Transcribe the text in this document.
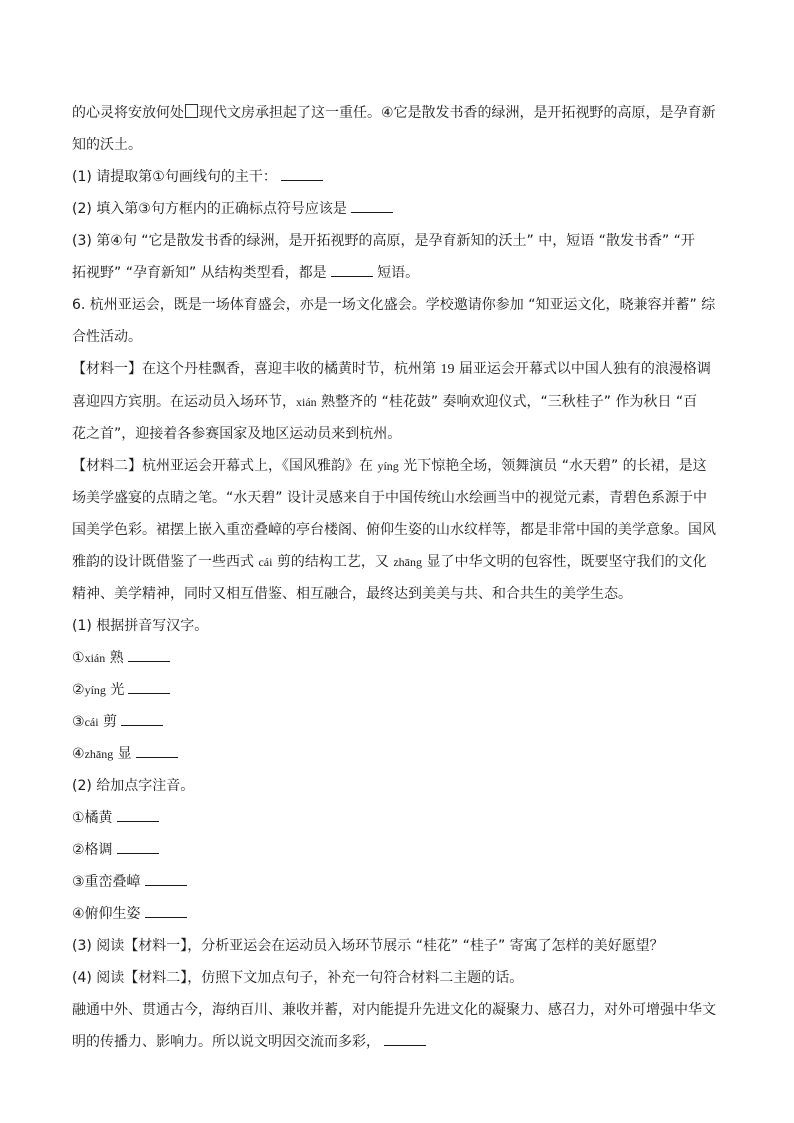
的心灵将安放何处 现代文房承担起了这一重任。④它是散发书香的绿洲，是开拓视野的高原，是孕育新
知的沃土。
(1) 请提取第①句画线句的主干：
(2) 填入第③句方框内的正确标点符号应该是
(3) 第④句 “它是散发书香的绿洲，是开拓视野的高原，是孕育新知的沃土” 中，短语 “散发书香” “开
拓视野” “孕育新知” 从结构类型看，都是	短语。
6. 杭州亚运会，既是一场体育盛会，亦是一场文化盛会。学校邀请你参加 “知亚运文化，晓兼容并蓄” 综
合性活动。
【材料一】在这个丹桂飘香，喜迎丰收的橘黄时节，杭州第 19 届亚运会开幕式以中国人独有的浪漫格调
喜迎四方宾朋。在运动员入场环节，xián 熟整齐的 “桂花鼓” 奏响欢迎仪式，“三秋桂子” 作为秋日 “百
花之首”，迎接着各参赛国家及地区运动员来到杭州。
【材料二】杭州亚运会开幕式上，《国风雅韵》在 yíng 光下惊艳全场，领舞演员 “水天碧” 的长裙，是这
场美学盛宴的点睛之笔。“水天碧” 设计灵感来自于中国传统山水绘画当中的视觉元素，青碧色系源于中
国美学色彩。裙摆上嵌入重峦叠嶂的亭台楼阁、俯仰生姿的山水纹样等，都是非常中国的美学意象。国风
雅韵的设计既借鉴了一些西式 cái 剪的结构工艺，又 zhāng 显了中华文明的包容性，既要坚守我们的文化
精神、美学精神，同时又相互借鉴、相互融合，最终达到美美与共、和合共生的美学生态。
(1) 根据拼音写汉字。
①xián 熟
②yíng 光
③cái 剪
④zhāng 显
(2) 给加点字注音。
①橘黄
②格调
③重峦叠嶂
④俯仰生姿
(3) 阅读【材料一】，分析亚运会在运动员入场环节展示 “桂花” “桂子” 寄寓了怎样的美好愿望？
(4) 阅读【材料二】，仿照下文加点句子，补充一句符合材料二主题的话。
融通中外、贯通古今，海纳百川、兼收并蓄，对内能提升先进文化的凝聚力、感召力，对外可增强中华文
明的传播力、影响力。所以说文明因交流而多彩，
